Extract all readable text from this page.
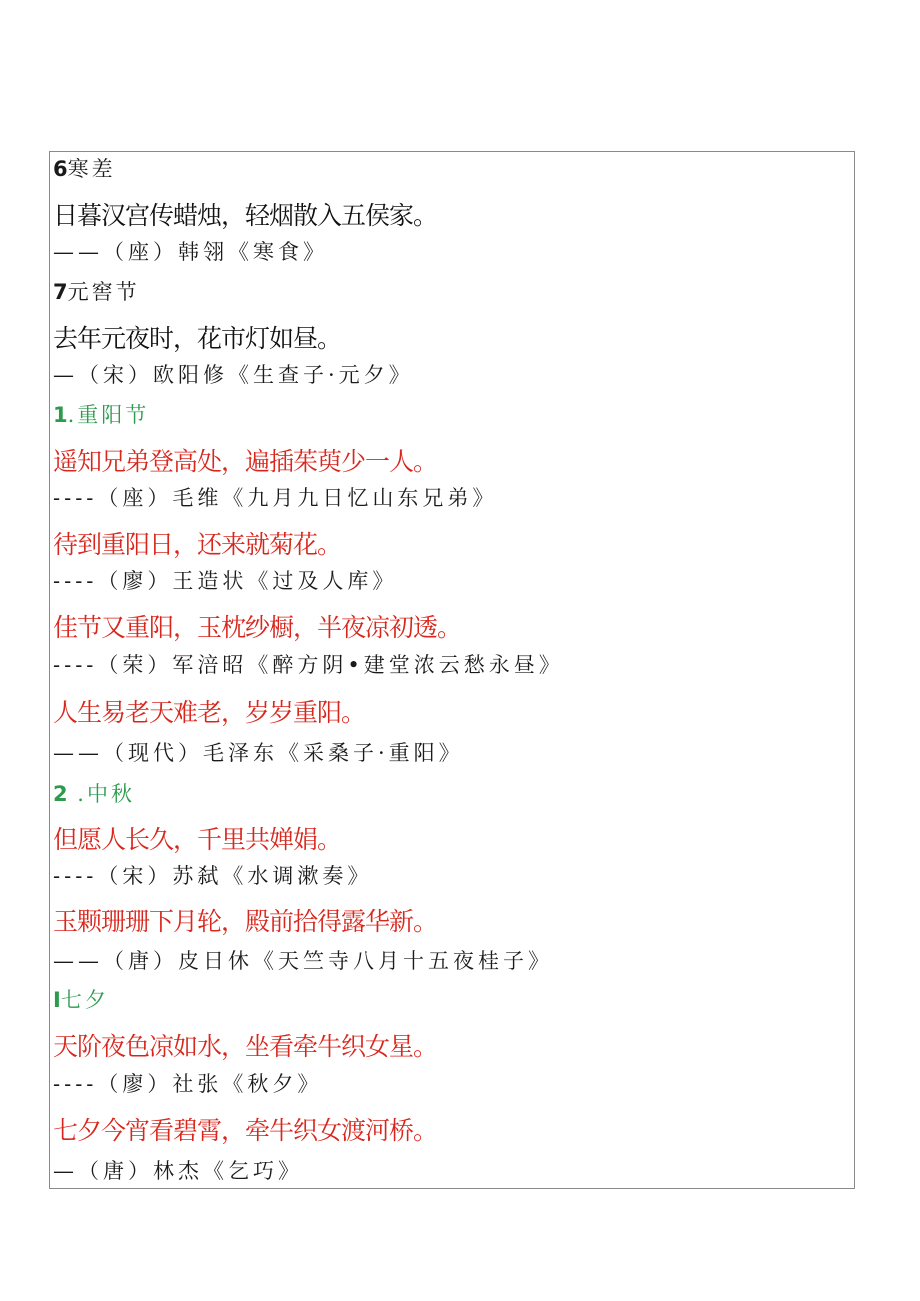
6寒差
日暮汉宫传蜡烛，轻烟散入五侯家。
——（座）韩翎《寒食》
7元窖节
去年元夜时，花市灯如昼。
—（宋）欧阳修《生查子·元夕》
1.重阳节
遥知兄弟登高处，遍插茱萸少一人。
----（座）毛维《九月九日忆山东兄弟》
待到重阳日，还来就菊花。
----（廖）王造状《过及人库》
佳节又重阳，玉枕纱橱，半夜凉初透。
----（荣）军涪昭《醉方阴•建堂浓云愁永昼》
人生易老天难老，岁岁重阳。
——（现代）毛泽东《采桑子·重阳》
2 .中秋
但愿人长久，千里共婵娟。
----（宋）苏弑《水调漱奏》
玉颗珊珊下月轮，殿前拾得露华新。
——（唐）皮日休《天竺寺八月十五夜桂子》
I七夕
天阶夜色凉如水，坐看牵牛织女星。
----（廖）社张《秋夕》
七夕今宵看碧霄，牵牛织女渡河桥。
—（唐）林杰《乞巧》
